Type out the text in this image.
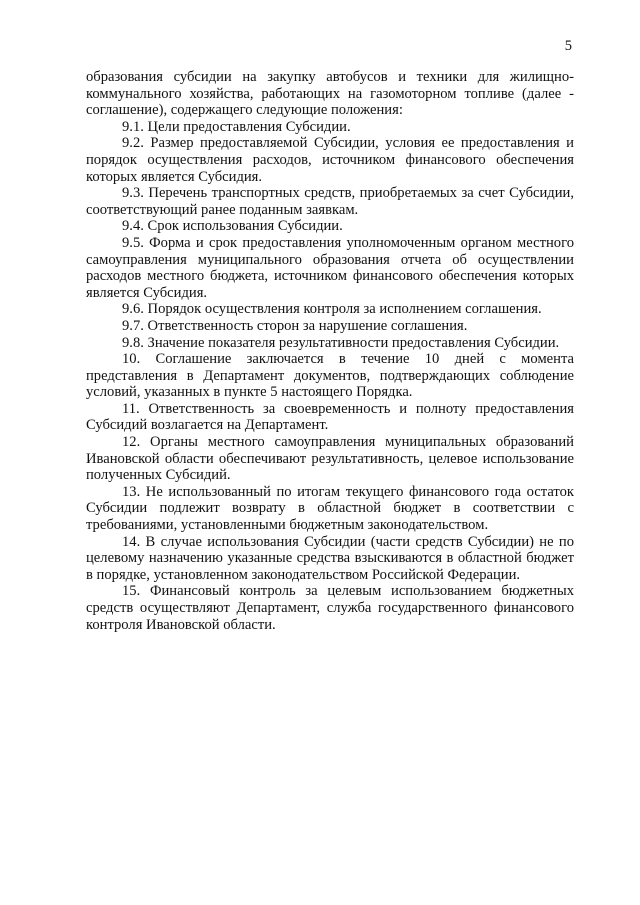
5

образования субсидии на закупку автобусов и техники для жилищно-коммунального хозяйства, работающих на газомоторном топливе (далее - соглашение), содержащего следующие положения:

9.1. Цели предоставления Субсидии.

9.2. Размер предоставляемой Субсидии, условия ее предоставления и порядок осуществления расходов, источником финансового обеспечения которых является Субсидия.

9.3. Перечень транспортных средств, приобретаемых за счет Субсидии, соответствующий ранее поданным заявкам.

9.4. Срок использования Субсидии.

9.5. Форма и срок предоставления уполномоченным органом местного самоуправления муниципального образования отчета об осуществлении расходов местного бюджета, источником финансового обеспечения которых является Субсидия.

9.6. Порядок осуществления контроля за исполнением соглашения.

9.7. Ответственность сторон за нарушение соглашения.

9.8. Значение показателя результативности предоставления Субсидии.

10. Соглашение заключается в течение 10 дней с момента представления в Департамент документов, подтверждающих соблюдение условий, указанных в пункте 5 настоящего Порядка.

11. Ответственность за своевременность и полноту предоставления Субсидий возлагается на Департамент.

12. Органы местного самоуправления муниципальных образований Ивановской области обеспечивают результативность, целевое использование полученных Субсидий.

13. Не использованный по итогам текущего финансового года остаток Субсидии подлежит возврату в областной бюджет в соответствии с требованиями, установленными бюджетным законодательством.

14. В случае использования Субсидии (части средств Субсидии) не по целевому назначению указанные средства взыскиваются в областной бюджет в порядке, установленном законодательством Российской Федерации.

15. Финансовый контроль за целевым использованием бюджетных средств осуществляют Департамент, служба государственного финансового контроля Ивановской области.
